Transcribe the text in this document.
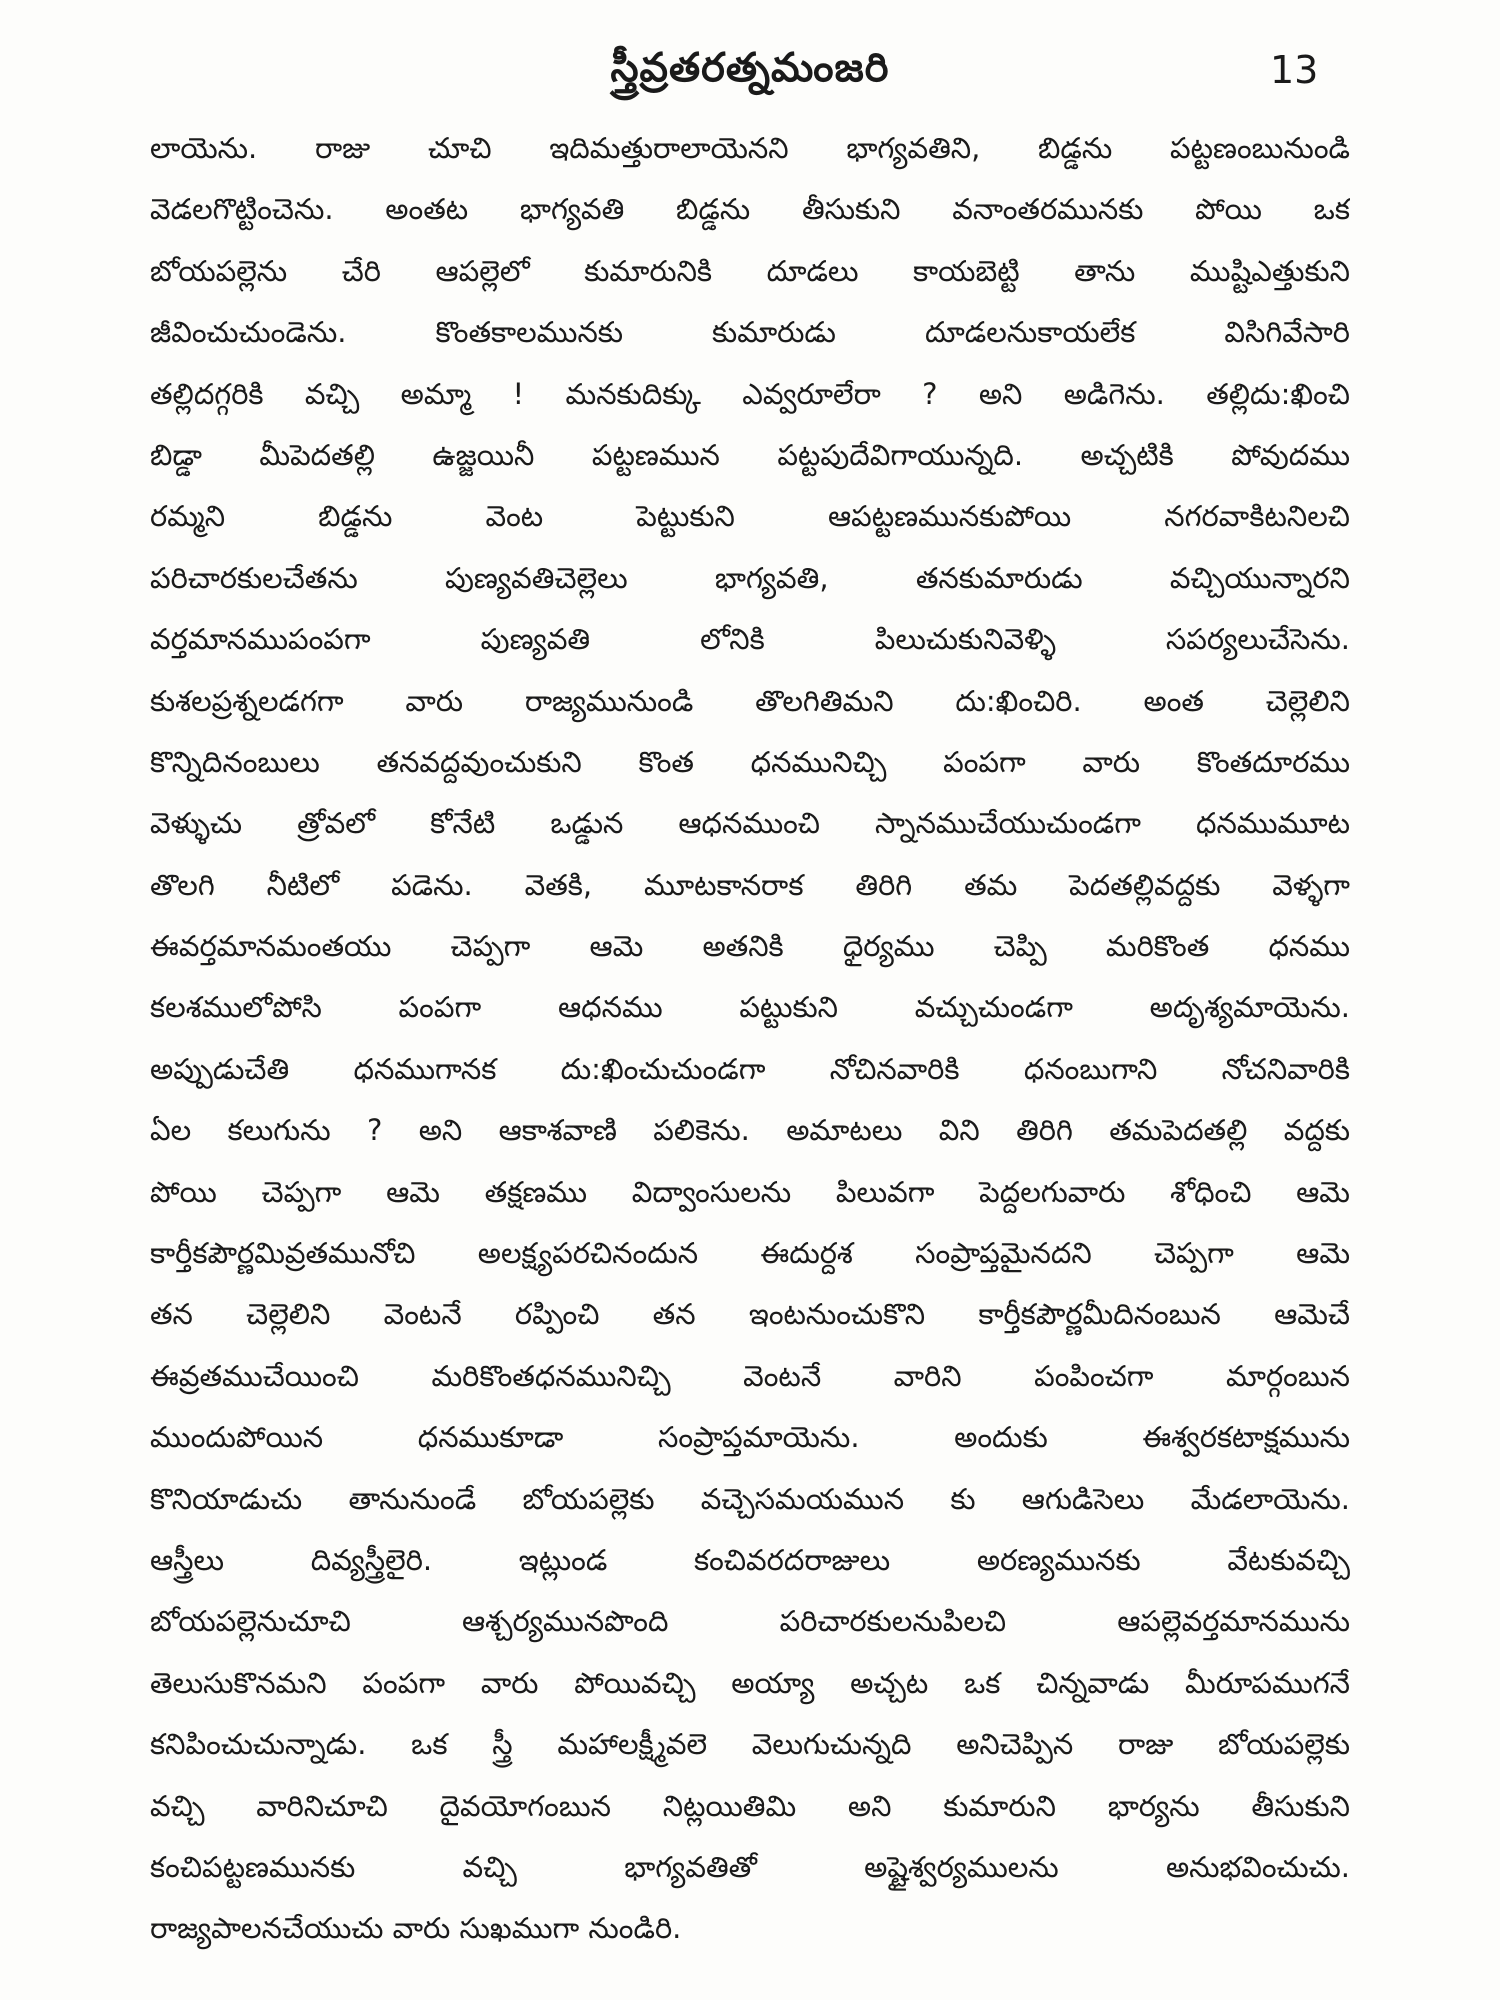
స్త్రీవ్రతరత్నమంజరి	13
లాయెను. రాజు చూచి ఇదిమత్తురాలాయెనని భాగ్యవతిని, బిడ్డను పట్టణంబునుండి
వెడలగొట్టించెను. అంతట భాగ్యవతి బిడ్డను తీసుకుని వనాంతరమునకు పోయి ఒక
బోయపల్లెను చేరి ఆపల్లెలో కుమారునికి దూడలు కాయబెట్టి తాను ముష్టిఎత్తుకుని
జీవించుచుండెను. కొంతకాలమునకు కుమారుడు దూడలనుకాయలేక విసిగివేసారి
తల్లిదగ్గరికి వచ్చి అమ్మా ! మనకుదిక్కు ఎవ్వరూలేరా ? అని అడిగెను. తల్లిదు:ఖించి
బిడ్డా మీపెదతల్లి ఉజ్జయినీ పట్టణమున పట్టపుదేవిగాయున్నది. అచ్చటికి పోవుదము
రమ్మని బిడ్డను వెంట పెట్టుకుని ఆపట్టణమునకుపోయి నగరవాకిటనిలచి
పరిచారకులచేతను పుణ్యవతిచెల్లెలు భాగ్యవతి, తనకుమారుడు వచ్చియున్నారని
వర్తమానముపంపగా పుణ్యవతి లోనికి పిలుచుకునివెళ్ళి సపర్యలుచేసెను.
కుశలప్రశ్నలడగగా వారు రాజ్యమునుండి తొలగితిమని దు:ఖించిరి. అంత చెల్లెలిని
కొన్నిదినంబులు తనవద్దవుంచుకుని కొంత ధనమునిచ్చి పంపగా వారు కొంతదూరము
వెళ్ళుచు త్రోవలో కోనేటి ఒడ్డున ఆధనముంచి స్నానముచేయుచుండగా ధనముమూట
తొలగి నీటిలో పడెను. వెతకి, మూటకానరాక తిరిగి తమ పెదతల్లివద్దకు వెళ్ళగా
ఈవర్తమానమంతయు చెప్పగా ఆమె అతనికి ధైర్యము చెప్పి మరికొంత ధనము
కలశములోపోసి పంపగా ఆధనము పట్టుకుని వచ్చుచుండగా అదృశ్యమాయెను.
అప్పుడుచేతి ధనముగానక దు:ఖించుచుండగా నోచినవారికి ధనంబుగాని నోచనివారికి
ఏల కలుగును ? అని ఆకాశవాణి పలికెను. అమాటలు విని తిరిగి తమపెదతల్లి వద్దకు
పోయి చెప్పగా ఆమె తక్షణము విద్వాంసులను పిలువగా పెద్దలగువారు శోధించి ఆమె
కార్తీకపౌర్ణమివ్రతమునోచి అలక్ష్యపరచినందున ఈదుర్దశ సంప్రాప్తమైనదని చెప్పగా ఆమె
తన చెల్లెలిని వెంటనే రప్పించి తన ఇంటనుంచుకొని కార్తీకపౌర్ణమీదినంబున ఆమెచే
ఈవ్రతముచేయించి మరికొంతధనమునిచ్చి వెంటనే వారిని పంపించగా మార్గంబున
ముందుపోయిన ధనముకూడా సంప్రాప్తమాయెను. అందుకు ఈశ్వరకటాక్షమును
కొనియాడుచు తానునుండే బోయపల్లెకు వచ్చెసమయమున కు ఆగుడిసెలు మేడలాయెను.
ఆస్త్రీలు దివ్యస్త్రీలైరి. ఇట్లుండ కంచివరదరాజులు అరణ్యమునకు వేటకువచ్చి
బోయపల్లెనుచూచి ఆశ్చర్యమునపొంది పరిచారకులనుపిలచి ఆపల్లెవర్తమానమును
తెలుసుకొనమని పంపగా వారు పోయివచ్చి అయ్యా అచ్చట ఒక చిన్నవాడు మీరూపముగనే
కనిపించుచున్నాడు. ఒక స్త్రీ మహాలక్ష్మీవలె వెలుగుచున్నది అనిచెప్పిన రాజు బోయపల్లెకు
వచ్చి వారినిచూచి దైవయోగంబున నిట్లయితిమి అని కుమారుని భార్యను తీసుకుని
కంచిపట్టణమునకు వచ్చి భాగ్యవతితో అష్టైశ్వర్యములను అనుభవించుచు.
రాజ్యపాలనచేయుచు వారు సుఖముగా నుండిరి.
